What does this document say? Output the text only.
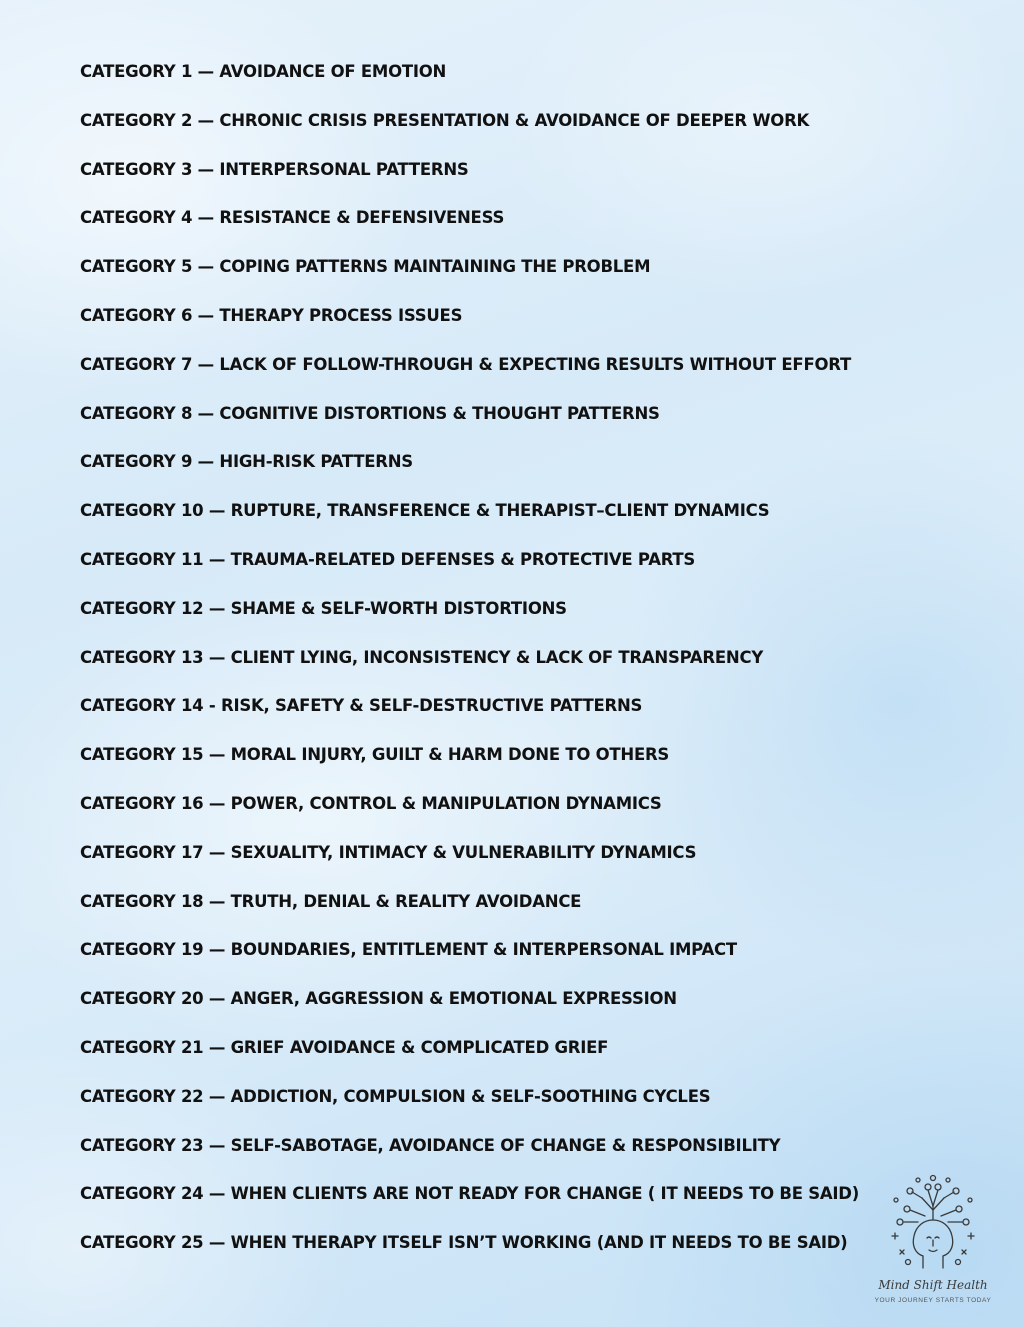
CATEGORY 1 — AVOIDANCE OF EMOTION
CATEGORY 2 — CHRONIC CRISIS PRESENTATION & AVOIDANCE OF DEEPER WORK
CATEGORY 3 — INTERPERSONAL PATTERNS
CATEGORY 4 — RESISTANCE & DEFENSIVENESS
CATEGORY 5 — COPING PATTERNS MAINTAINING THE PROBLEM
CATEGORY 6 — THERAPY PROCESS ISSUES
CATEGORY 7 — LACK OF FOLLOW-THROUGH & EXPECTING RESULTS WITHOUT EFFORT
CATEGORY 8 — COGNITIVE DISTORTIONS & THOUGHT PATTERNS
CATEGORY 9 — HIGH-RISK PATTERNS
CATEGORY 10 — RUPTURE, TRANSFERENCE & THERAPIST–CLIENT DYNAMICS
CATEGORY 11 — TRAUMA-RELATED DEFENSES & PROTECTIVE PARTS
CATEGORY 12 — SHAME & SELF-WORTH DISTORTIONS
CATEGORY 13 — CLIENT LYING, INCONSISTENCY & LACK OF TRANSPARENCY
CATEGORY 14 - RISK, SAFETY & SELF-DESTRUCTIVE PATTERNS
CATEGORY 15 — MORAL INJURY, GUILT & HARM DONE TO OTHERS
CATEGORY 16 — POWER, CONTROL & MANIPULATION DYNAMICS
CATEGORY 17 — SEXUALITY, INTIMACY & VULNERABILITY DYNAMICS
CATEGORY 18 — TRUTH, DENIAL & REALITY AVOIDANCE
CATEGORY 19 — BOUNDARIES, ENTITLEMENT & INTERPERSONAL IMPACT
CATEGORY 20 — ANGER, AGGRESSION & EMOTIONAL EXPRESSION
CATEGORY 21 — GRIEF AVOIDANCE & COMPLICATED GRIEF
CATEGORY 22 — ADDICTION, COMPULSION & SELF-SOOTHING CYCLES
CATEGORY 23 — SELF-SABOTAGE, AVOIDANCE OF CHANGE & RESPONSIBILITY
CATEGORY 24 — WHEN CLIENTS ARE NOT READY FOR CHANGE ( IT NEEDS TO BE SAID)
CATEGORY 25 — WHEN THERAPY ITSELF ISN’T WORKING (AND IT NEEDS TO BE SAID)
Mind Shift Health
YOUR JOURNEY STARTS TODAY
